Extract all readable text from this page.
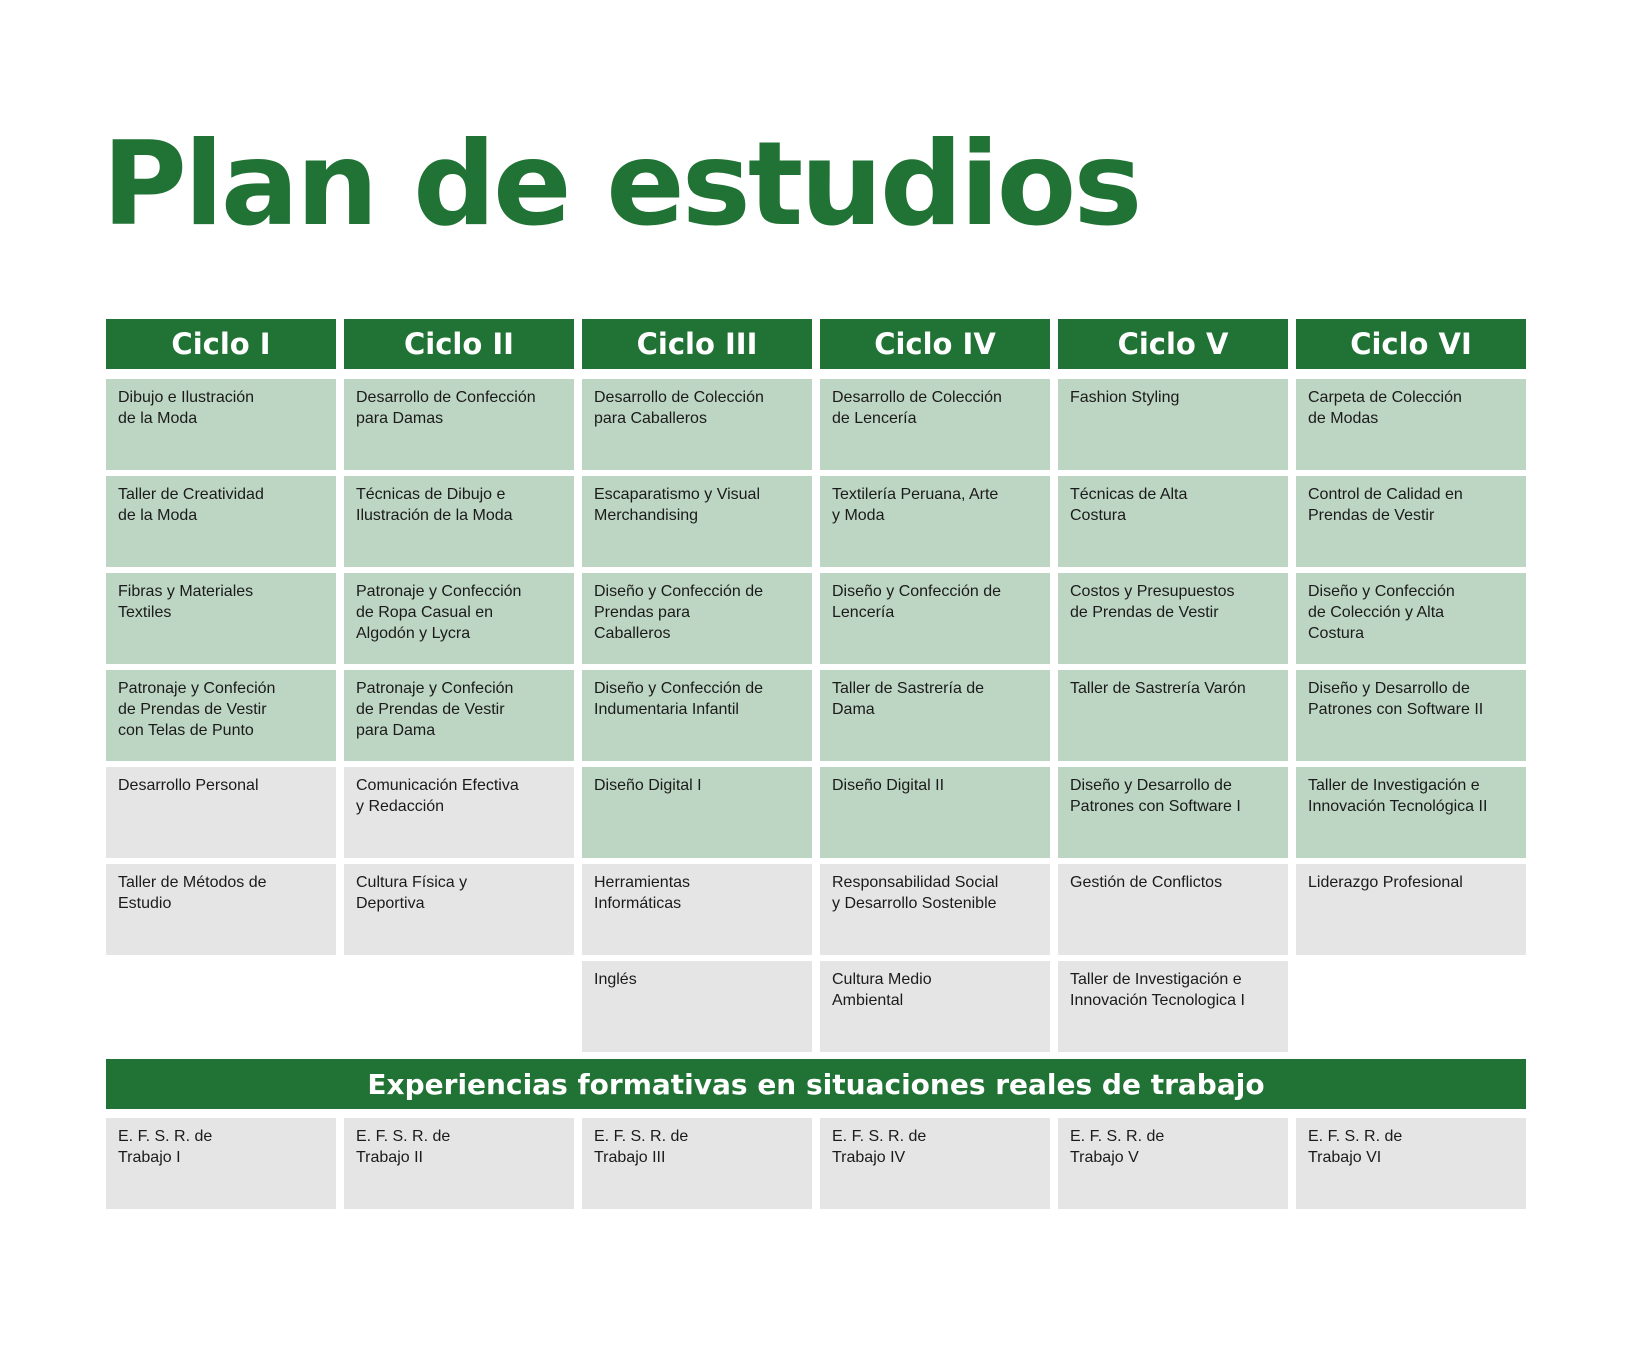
Plan de estudios
Ciclo I
Dibujo e Ilustración
de la Moda
Taller de Creatividad
de la Moda
Fibras y Materiales
Textiles
Patronaje y Confeción
de Prendas de Vestir
con Telas de Punto
Desarrollo Personal
Taller de Métodos de
Estudio
Ciclo II
Desarrollo de Confección
para Damas
Técnicas de Dibujo e
Ilustración de la Moda
Patronaje y Confección
de Ropa Casual en
Algodón y Lycra
Patronaje y Confeción
de Prendas de Vestir
para Dama
Comunicación Efectiva
y Redacción
Cultura Física y
Deportiva
Ciclo III
Desarrollo de Colección
para Caballeros
Escaparatismo y Visual
Merchandising
Diseño y Confección de
Prendas para
Caballeros
Diseño y Confección de
Indumentaria Infantil
Diseño Digital I
Herramientas
Informáticas
Inglés
Ciclo IV
Desarrollo de Colección
de Lencería
Textilería Peruana, Arte
y Moda
Diseño y Confección de
Lencería
Taller de Sastrería de
Dama
Diseño Digital II
Responsabilidad Social
y Desarrollo Sostenible
Cultura Medio
Ambiental
Ciclo V
Fashion Styling
Técnicas de Alta
Costura
Costos y Presupuestos
de Prendas de Vestir
Taller de Sastrería Varón
Diseño y Desarrollo de
Patrones con Software I
Gestión de Conflictos
Taller de Investigación e
Innovación Tecnologica I
Ciclo VI
Carpeta de Colección
de Modas
Control de Calidad en
Prendas de Vestir
Diseño y Confección
de Colección y Alta
Costura
Diseño y Desarrollo de
Patrones con Software II
Taller de Investigación e
Innovación Tecnológica II
Liderazgo Profesional
Experiencias formativas en situaciones reales de trabajo
E. F. S. R. de
Trabajo I
E. F. S. R. de
Trabajo II
E. F. S. R. de
Trabajo III
E. F. S. R. de
Trabajo IV
E. F. S. R. de
Trabajo V
E. F. S. R. de
Trabajo VI
